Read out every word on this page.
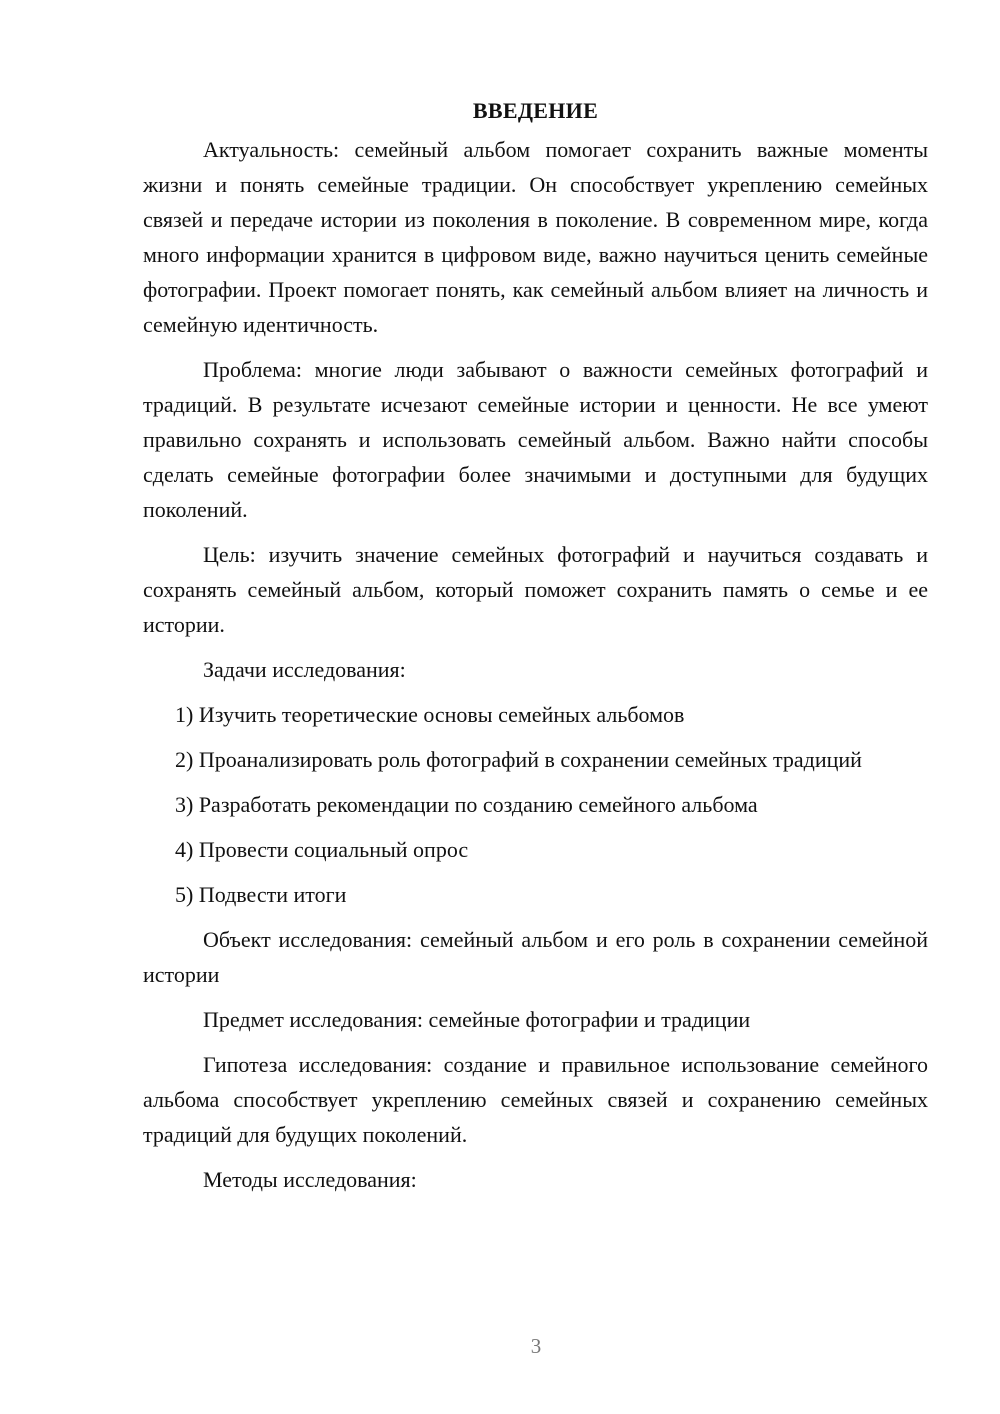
ВВЕДЕНИЕ

Актуальность: семейный альбом помогает сохранить важные моменты жизни и понять семейные традиции. Он способствует укреплению семейных связей и передаче истории из поколения в поколение. В современном мире, когда много информации хранится в цифровом виде, важно научиться ценить семейные фотографии. Проект помогает понять, как семейный альбом влияет на личность и семейную идентичность.

Проблема: многие люди забывают о важности семейных фотографий и традиций. В результате исчезают семейные истории и ценности. Не все умеют правильно сохранять и использовать семейный альбом. Важно найти способы сделать семейные фотографии более значимыми и доступными для будущих поколений.

Цель: изучить значение семейных фотографий и научиться создавать и сохранять семейный альбом, который поможет сохранить память о семье и ее истории.

Задачи исследования:

1) Изучить теоретические основы семейных альбомов

2) Проанализировать роль фотографий в сохранении семейных традиций

3) Разработать рекомендации по созданию семейного альбома

4) Провести социальный опрос

5) Подвести итоги

Объект исследования: семейный альбом и его роль в сохранении семейной истории

Предмет исследования: семейные фотографии и традиции

Гипотеза исследования: создание и правильное использование семейного альбома способствует укреплению семейных связей и сохранению семейных традиций для будущих поколений.

Методы исследования:

3
